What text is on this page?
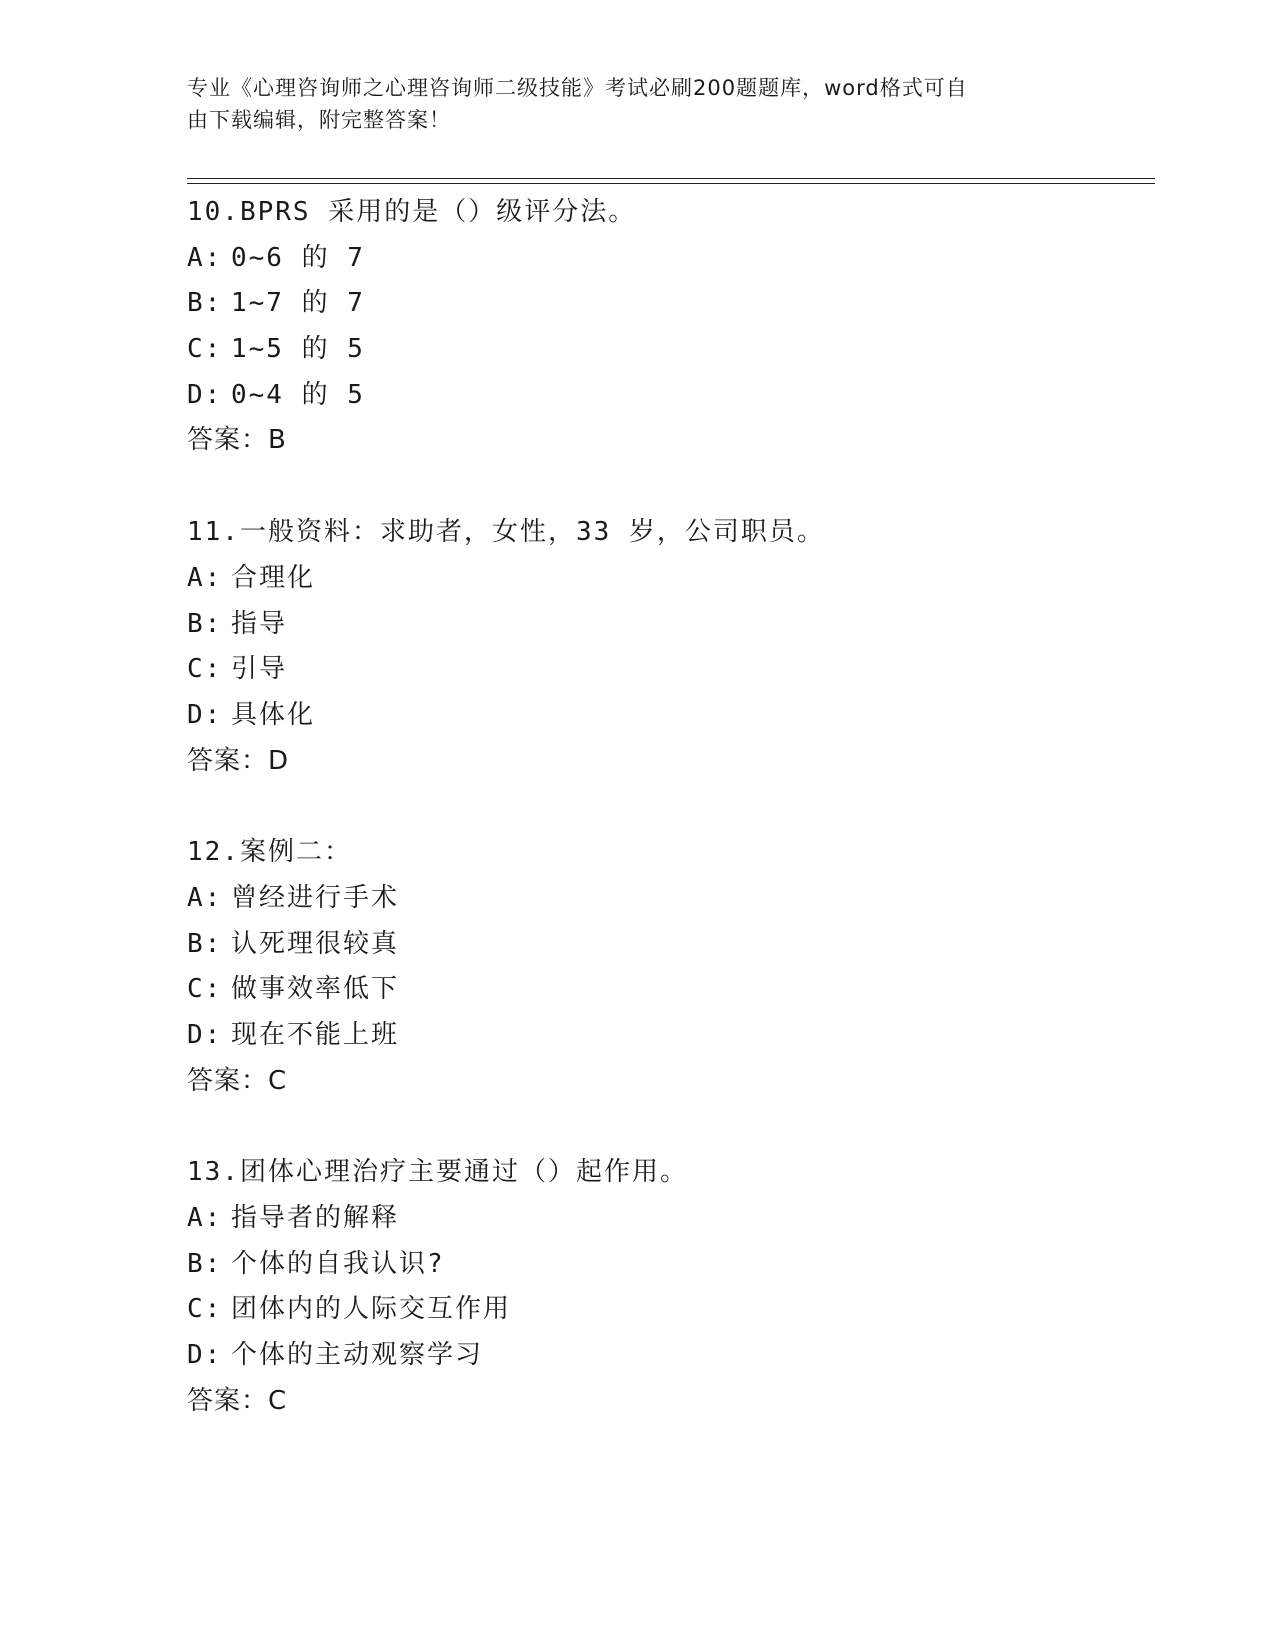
专业《心理咨询师之心理咨询师二级技能》考试必刷200题题库，word格式可自
由下载编辑，附完整答案！
10.BPRS 采用的是（）级评分法。
A: 0~6 的 7
B: 1~7 的 7
C: 1~5 的 5
D: 0~4 的 5
答案：B
11.一般资料：求助者，女性，33 岁，公司职员。
A: 合理化
B: 指导
C: 引导
D: 具体化
答案：D
12.案例二：
A: 曾经进行手术
B: 认死理很较真
C: 做事效率低下
D: 现在不能上班
答案：C
13.团体心理治疗主要通过（）起作用。
A: 指导者的解释
B: 个体的自我认识?
C: 团体内的人际交互作用
D: 个体的主动观察学习
答案：C
